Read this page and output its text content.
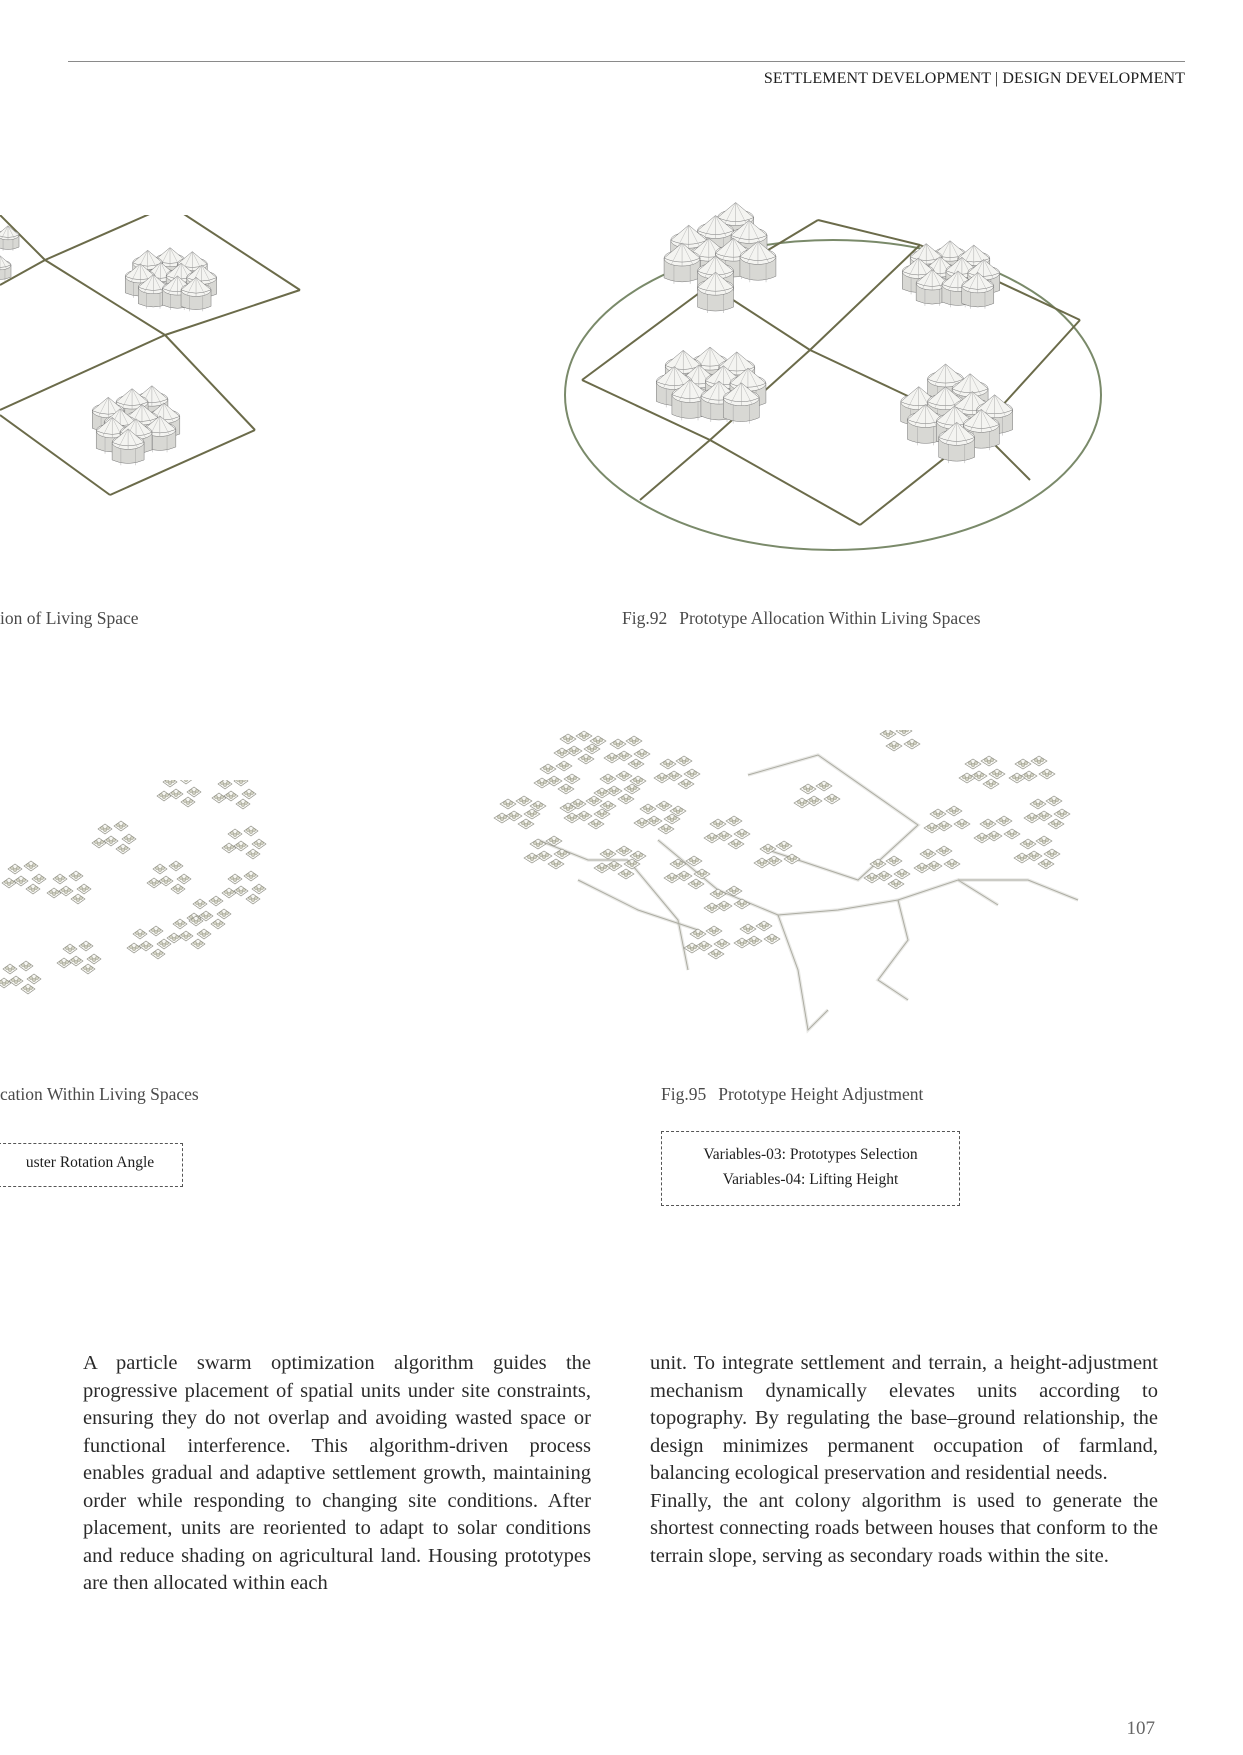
SETTLEMENT DEVELOPMENT | DESIGN DEVELOPMENT
ion of Living Space	Fig.92 Prototype Allocation Within Living Spaces
cation Within Living Spaces	Fig.95 Prototype Height Adjustment
uster Rotation Angle	Variables-03: Prototypes Selection
Variables-04: Lifting Height

A particle swarm optimization algorithm guides the progressive placement of spatial units under site constraints, ensuring they do not overlap and avoiding wasted space or functional interference. This algorithm-driven process enables gradual and adaptive settlement growth, maintaining order while responding to changing site conditions. After placement, units are reoriented to adapt to solar conditions and reduce shading on agricultural land. Housing prototypes are then allocated within each

unit. To integrate settlement and terrain, a height-adjustment mechanism dynamically elevates units according to topography. By regulating the base–ground relationship, the design minimizes permanent occupation of farmland, balancing ecological preservation and residential needs.

Finally, the ant colony algorithm is used to generate the shortest connecting roads between houses that conform to the terrain slope, serving as secondary roads within the site.

107
